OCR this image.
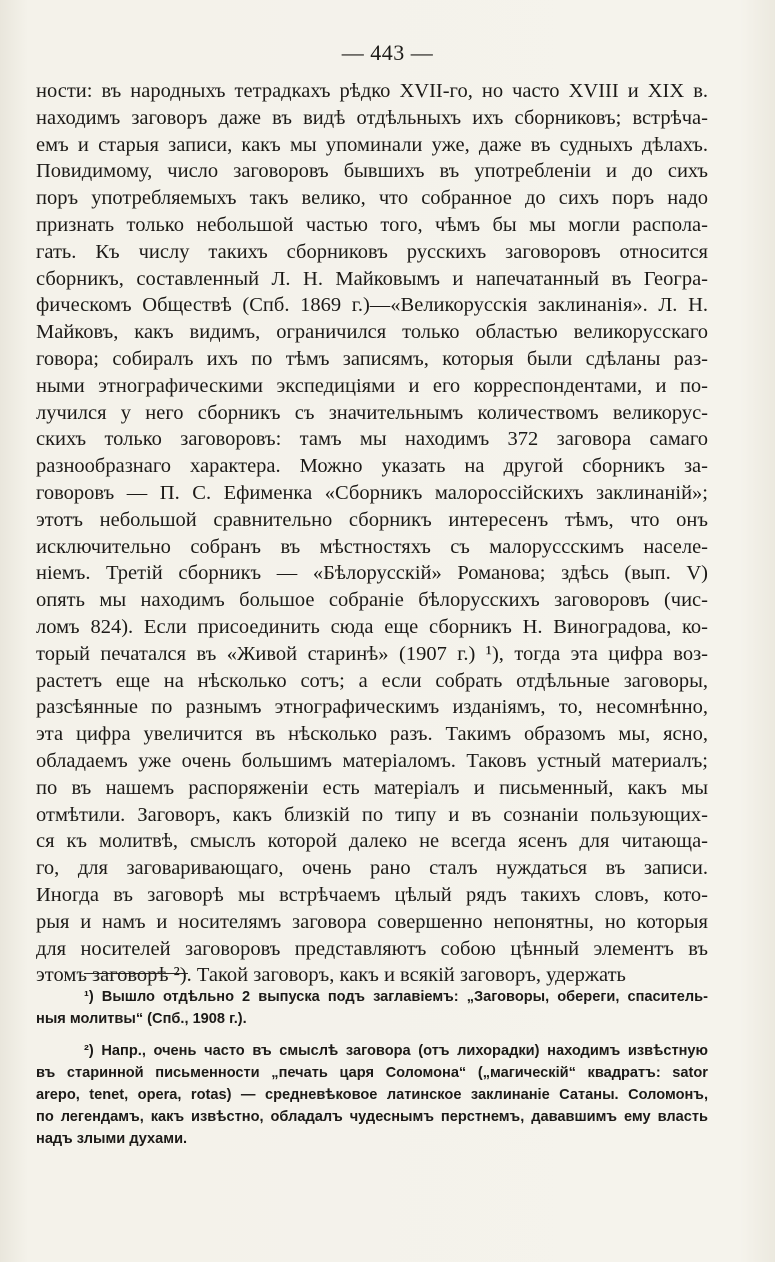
— 443 —
ности: въ народныхъ тетрадкахъ рѣдко XVII-го, но часто XVIII и XIX в.
находимъ заговоръ даже въ видѣ отдѣльныхъ ихъ сборниковъ; встрѣча-
емъ и старыя записи, какъ мы упоминали уже, даже въ судныхъ дѣлахъ.
Повидимому, число заговоровъ бывшихъ въ употребленіи и до сихъ
поръ употребляемыхъ такъ велико, что собранное до сихъ поръ надо
признать только небольшой частью того, чѣмъ бы мы могли распола-
гать. Къ числу такихъ сборниковъ русскихъ заговоровъ относится
сборникъ, составленный Л. Н. Майковымъ и напечатанный въ Геогра-
фическомъ Обществѣ (Спб. 1869 г.)—«Великорусскія заклинанія». Л. Н.
Майковъ, какъ видимъ, ограничился только областью великорусскаго
говора; собиралъ ихъ по тѣмъ записямъ, которыя были сдѣланы раз-
ными этнографическими экспедиціями и его корреспондентами, и по-
лучился у него сборникъ съ значительнымъ количествомъ великорус-
скихъ только заговоровъ: тамъ мы находимъ 372 заговора самаго
разнообразнаго характера. Можно указать на другой сборникъ за-
говоровъ — П. С. Ефименка «Сборникъ малороссійскихъ заклинаній»;
этотъ небольшой сравнительно сборникъ интересенъ тѣмъ, что онъ
исключительно собранъ въ мѣстностяхъ съ малоруссскимъ населе-
ніемъ. Третій сборникъ — «Бѣлорусскій» Романова; здѣсь (вып. V)
опять мы находимъ большое собраніе бѣлорусскихъ заговоровъ (чис-
ломъ 824). Если присоединить сюда еще сборникъ Н. Виноградова, ко-
торый печатался въ «Живой старинѣ» (1907 г.) ¹), тогда эта цифра воз-
растетъ еще на нѣсколько сотъ; а если собрать отдѣльные заговоры,
разсѣянные по разнымъ этнографическимъ изданіямъ, то, несомнѣнно,
эта цифра увеличится въ нѣсколько разъ. Такимъ образомъ мы, ясно,
обладаемъ уже очень большимъ матеріаломъ. Таковъ устный материалъ;
по въ нашемъ распоряженіи есть матеріалъ и письменный, какъ мы
отмѣтили. Заговоръ, какъ близкій по типу и въ сознаніи пользующих-
ся къ молитвѣ, смыслъ которой далеко не всегда ясенъ для читающа-
го, для заговаривающаго, очень рано сталъ нуждаться въ записи.
Иногда въ заговорѣ мы встрѣчаемъ цѣлый рядъ такихъ словъ, кото-
рыя и намъ и носителямъ заговора совершенно непонятны, но которыя
для носителей заговоровъ представляютъ собою цѣнный элементъ въ
этомъ заговорѣ ²). Такой заговоръ, какъ и всякій заговоръ, удержать
¹) Вышло отдѣльно 2 выпуска подъ заглавіемъ: „Заговоры, обереги, спаситель-
ныя молитвы“ (Спб., 1908 г.).
²) Напр., очень часто въ смыслѣ заговора (отъ лихорадки) находимъ извѣстную
въ старинной письменности „печать царя Соломона“ („магическій“ квадратъ: sator
arepo, tenet, opera, rotas) — средневѣковое латинское заклинаніе Сатаны. Соломонъ,
по легендамъ, какъ извѣстно, обладалъ чудеснымъ перстнемъ, дававшимъ ему власть
надъ злыми духами.
